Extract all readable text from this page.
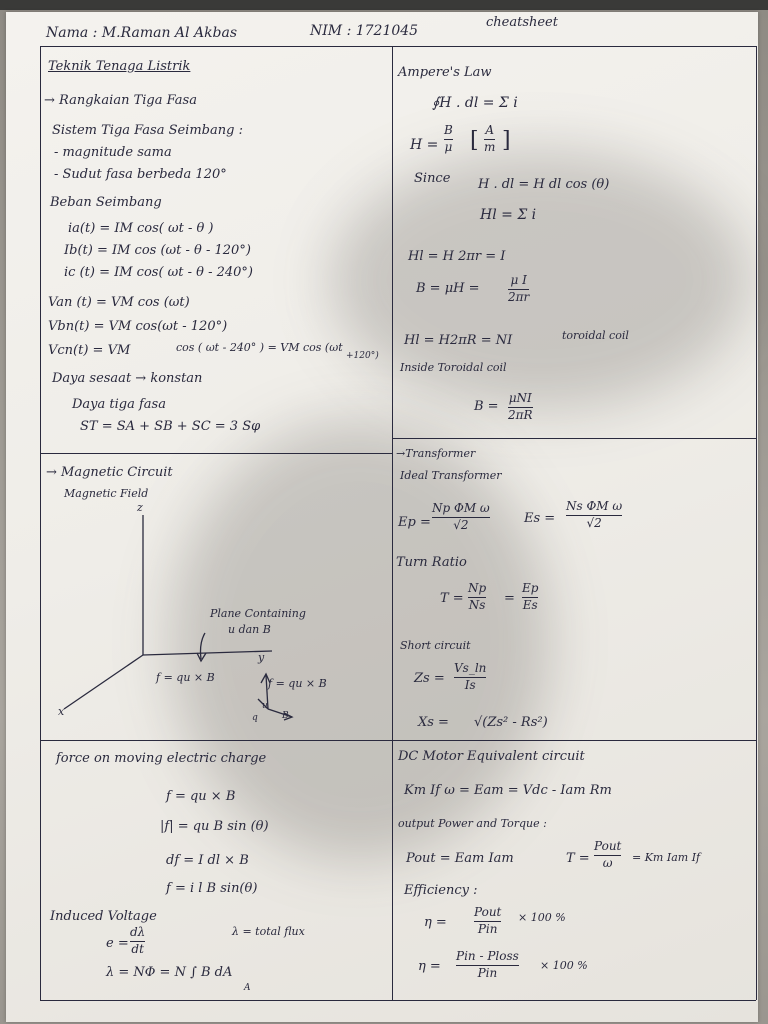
Nama : M.Raman Al Akbas	NIM : 1721045
cheatsheet
Teknik Tenaga Listrik
→ Rangkaian Tiga Fasa
Sistem Tiga Fasa Seimbang :
- magnitude sama
- Sudut fasa berbeda 120°
Beban Seimbang
ia(t) = IM cos( ωt - θ )
Ib(t) = IM cos (ωt - θ - 120°)
ic (t) = IM cos( ωt - θ - 240°)
Van (t) = VM cos (ωt)
Vbn(t) = VM cos(ωt - 120°)
Vcn(t) = VM	cos ( ωt - 240° ) = VM cos (ωt
+120°)
Daya sesaat → konstan
Daya tiga fasa
ST = SA + SB + SC = 3 Sφ
→ Magnetic Circuit
Magnetic Field
z
y
x
Plane Containing
u dan B
f = qu × B	f = qu × B
q	B
u
force on moving electric charge
f = qu × B
|f| = qu B sin (θ)
df = I dl × B
f = i l B sin(θ)
Induced Voltage
e =
dλ
dt
λ = total flux
λ = NΦ = N ∫ B dA
A
Ampere's Law
∮H . dl = Σ i
H =
B
μ [ A
m ]
Since H . dl = H dl cos (θ)
Hl = Σ i
Hl = H 2πr = I
B = μH =
μ I
2πr
Hl = H2πR = NI	toroidal coil
Inside Toroidal coil
B =
μNI
2πR
→Transformer
Ideal Transformer
Ep =
Np ΦM ω
√2	Es =
Ns ΦM ω
√2
Turn Ratio
T =
Np
Ns =
Ep
Es
Short circuit
Zs =
Vs_ln
Is
Xs = √(Zs² - Rs²)
DC Motor Equivalent circuit
Km If ω = Eam = Vdc - Iam Rm
output Power and Torque :
Pout = Eam Iam	T =
Pout
ω = Km Iam If
Efficiency :
η =
Pout
Pin
× 100 %
η =
Pin - Ploss
Pin
× 100 %
